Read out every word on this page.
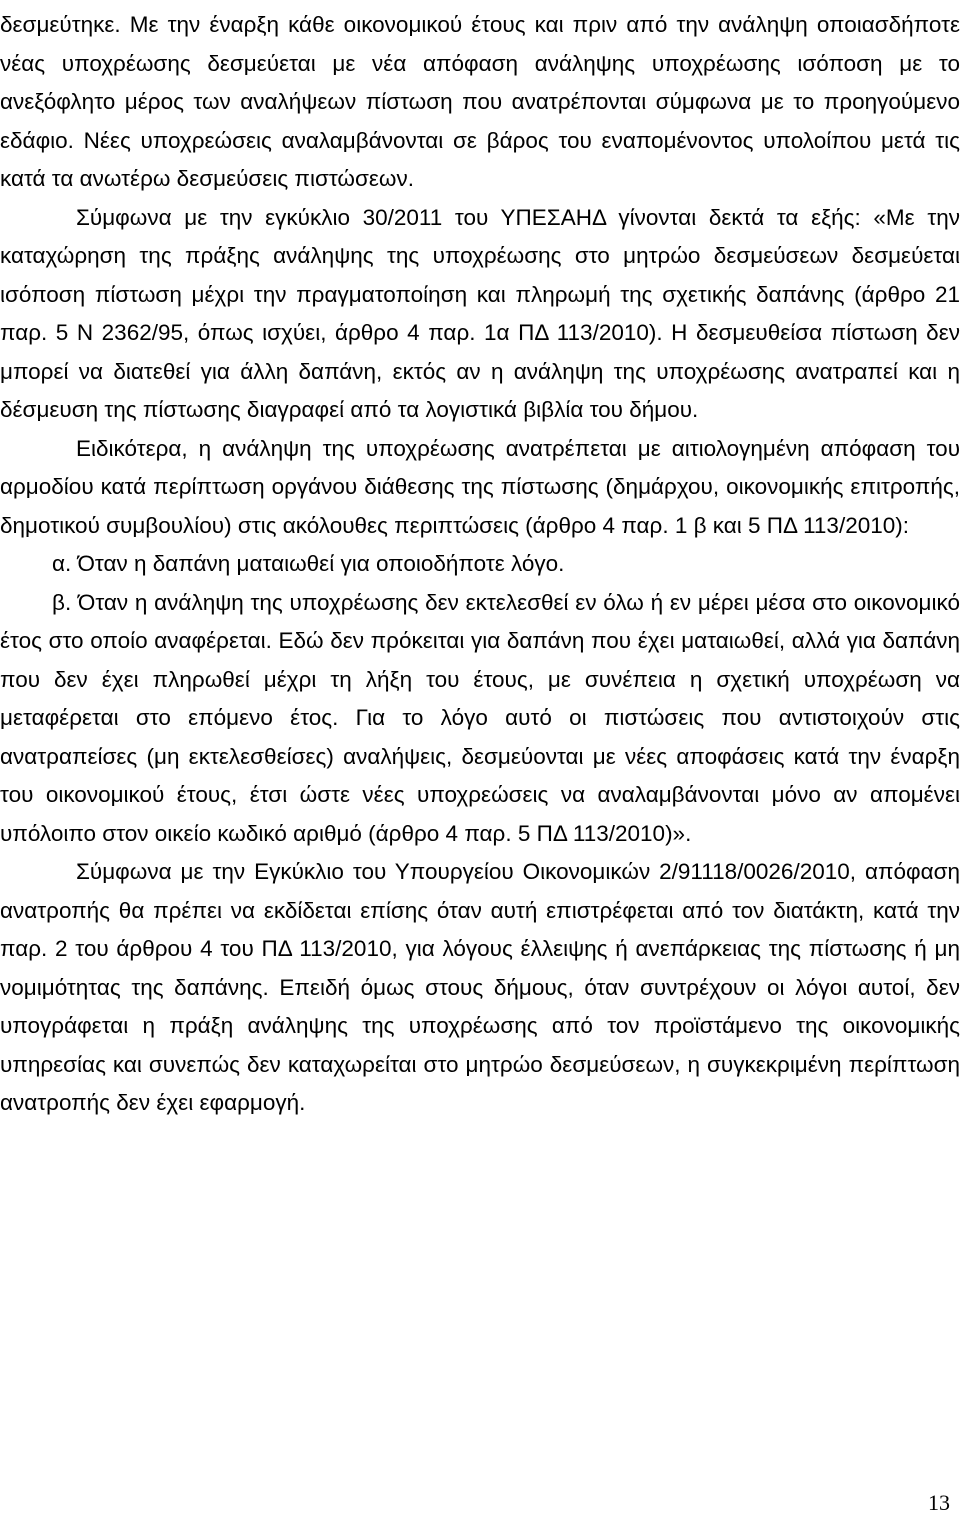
δεσμεύτηκε. Με την έναρξη κάθε οικονομικού έτους και πριν από την ανάληψη οποιασδήποτε νέας υποχρέωσης δεσμεύεται με νέα απόφαση ανάληψης υποχρέωσης ισόποση με το ανεξόφλητο μέρος των αναλήψεων πίστωση που ανατρέπονται σύμφωνα με το προηγούμενο εδάφιο. Νέες υποχρεώσεις αναλαμβάνονται σε βάρος του εναπομένοντος υπολοίπου μετά τις κατά τα ανωτέρω δεσμεύσεις πιστώσεων.

Σύμφωνα με την εγκύκλιο 30/2011 του ΥΠΕΣΑΗΔ γίνονται δεκτά τα εξής: «Με την καταχώρηση της πράξης ανάληψης της υποχρέωσης στο μητρώο δεσμεύσεων δεσμεύεται ισόποση πίστωση μέχρι την πραγματοποίηση και πληρωμή της σχετικής δαπάνης (άρθρο 21 παρ. 5 Ν 2362/95, όπως ισχύει, άρθρο 4 παρ. 1α ΠΔ 113/2010). Η δεσμευθείσα πίστωση δεν μπορεί να διατεθεί για άλλη δαπάνη, εκτός αν η ανάληψη της υποχρέωσης ανατραπεί και η δέσμευση της πίστωσης διαγραφεί από τα λογιστικά βιβλία του δήμου.

Ειδικότερα, η ανάληψη της υποχρέωσης ανατρέπεται με αιτιολογημένη απόφαση του αρμοδίου κατά περίπτωση οργάνου διάθεσης της πίστωσης (δημάρχου, οικονομικής επιτροπής, δημοτικού συμβουλίου) στις ακόλουθες περιπτώσεις (άρθρο 4 παρ. 1 β και 5 ΠΔ 113/2010):

α. Όταν η δαπάνη ματαιωθεί για οποιοδήποτε λόγο.

β. Όταν η ανάληψη της υποχρέωσης δεν εκτελεσθεί εν όλω ή εν μέρει μέσα στο οικονομικό έτος στο οποίο αναφέρεται. Εδώ δεν πρόκειται για δαπάνη που έχει ματαιωθεί, αλλά για δαπάνη που δεν έχει πληρωθεί μέχρι τη λήξη του έτους, με συνέπεια η σχετική υποχρέωση να μεταφέρεται στο επόμενο έτος. Για το λόγο αυτό οι πιστώσεις που αντιστοιχούν στις ανατραπείσες (μη εκτελεσθείσες) αναλήψεις, δεσμεύονται με νέες αποφάσεις κατά την έναρξη του οικονομικού έτους, έτσι ώστε νέες υποχρεώσεις να αναλαμβάνονται μόνο αν απομένει υπόλοιπο στον οικείο κωδικό αριθμό (άρθρο 4 παρ. 5 ΠΔ 113/2010)».

Σύμφωνα με την Εγκύκλιο του Υπουργείου Οικονομικών 2/91118/0026/2010, απόφαση ανατροπής θα πρέπει να εκδίδεται επίσης όταν αυτή επιστρέφεται από τον διατάκτη, κατά την παρ. 2 του άρθρου 4 του ΠΔ 113/2010, για λόγους έλλειψης ή ανεπάρκειας της πίστωσης ή μη νομιμότητας της δαπάνης. Επειδή όμως στους δήμους, όταν συντρέχουν οι λόγοι αυτοί, δεν υπογράφεται η πράξη ανάληψης της υποχρέωσης από τον προϊστάμενο της οικονομικής υπηρεσίας και συνεπώς δεν καταχωρείται στο μητρώο δεσμεύσεων, η συγκεκριμένη περίπτωση ανατροπής δεν έχει εφαρμογή.

13
